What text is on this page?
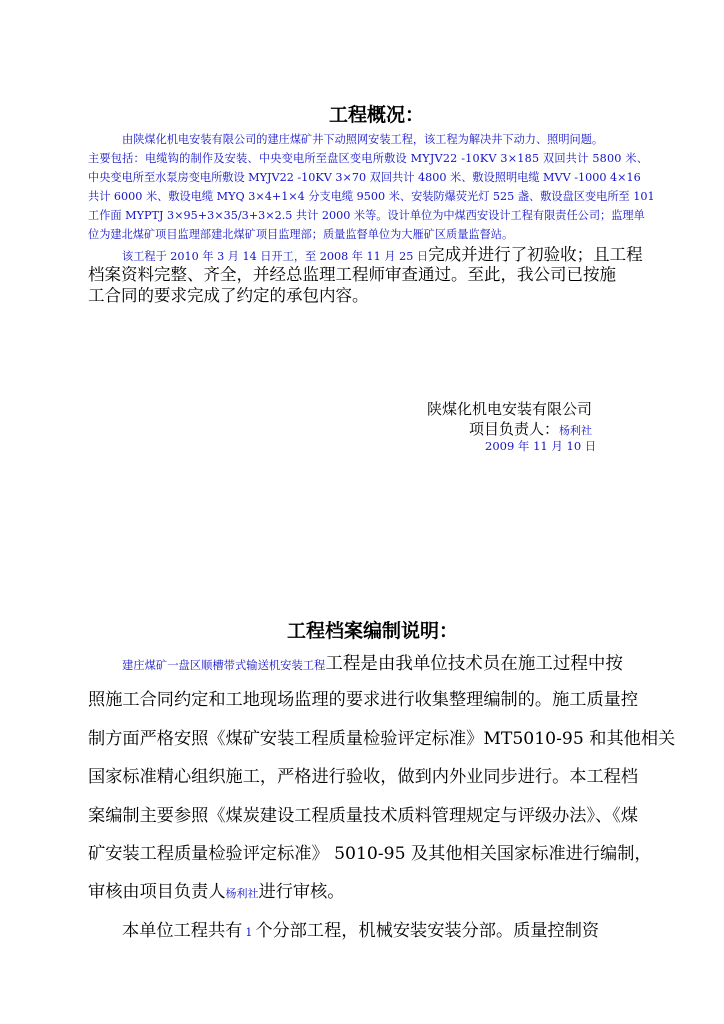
工程概况：
由陕煤化机电安装有限公司的建庄煤矿井下动照网安装工程，该工程为解决井下动力、照明问题。
主要包括：电缆钩的制作及安装、中央变电所至盘区变电所敷设 MYJV22 -10KV 3×185 双回共计 5800 米、
中央变电所至水泵房变电所敷设 MYJV22 -10KV 3×70 双回共计 4800 米、敷设照明电缆 MVV -1000 4×16
共计 6000 米、敷设电缆 MYQ 3×4+1×4 分支电缆 9500 米、安装防爆荧光灯 525 盏、敷设盘区变电所至 101
工作面 MYPTJ 3×95+3×35/3+3×2.5 共计 2000 米等。设计单位为中煤西安设计工程有限责任公司；监理单
位为建北煤矿项目监理部建北煤矿项目监理部；质量监督单位为大雁矿区质量监督站。
该工程于 2010 年 3 月 14 日开工，至 2008 年 11 月 25 日完成并进行了初验收；且工程
档案资料完整、齐全，并经总监理工程师审查通过。至此，我公司已按施
工合同的要求完成了约定的承包内容。
陕煤化机电安装有限公司
项目负责人：杨利社
2009 年 11 月 10 日
工程档案编制说明：
建庄煤矿一盘区顺槽带式输送机安装工程工程是由我单位技术员在施工过程中按
照施工合同约定和工地现场监理的要求进行收集整理编制的。施工质量控
制方面严格安照《煤矿安装工程质量检验评定标准》MT5010-95 和其他相关
国家标准精心组织施工，严格进行验收，做到内外业同步进行。本工程档
案编制主要参照《煤炭建设工程质量技术质料管理规定与评级办法》、《煤
矿安装工程质量检验评定标准》 5010-95 及其他相关国家标准进行编制，
审核由项目负责人杨利社进行审核。
本单位工程共有 1 个分部工程，机械安装安装分部。质量控制资
